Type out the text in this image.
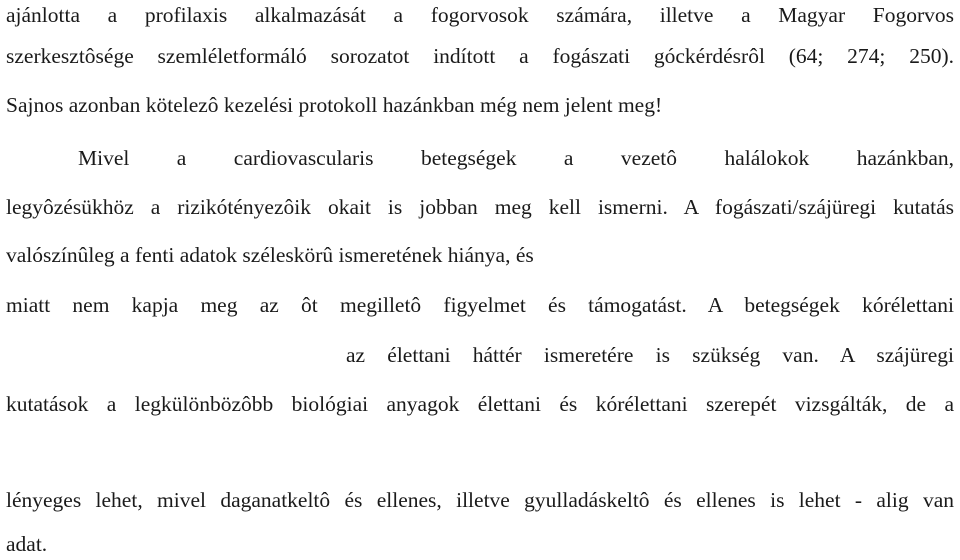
ajánlotta a profilaxis alkalmazását a fogorvosok számára, illetve a Magyar Fogorvos
szerkesztôsége szemléletformáló sorozatot indított a fogászati góckérdésrôl (64; 274; 250).
Sajnos azonban kötelezô kezelési protokoll hazánkban még nem jelent meg!
Mivel a cardiovascularis betegségek a vezetô halálokok hazánkban,
legyôzésükhöz a rizikótényezôik okait is jobban meg kell ismerni. A fogászati/szájüregi kutatás
valószínûleg a fenti adatok széleskörû ismeretének hiánya, és
miatt nem kapja meg az ôt megilletô figyelmet és támogatást. A betegségek kórélettani
az élettani háttér ismeretére is szükség van. A szájüregi
kutatások a legkülönbözôbb biológiai anyagok élettani és kórélettani szerepét vizsgálták, de a
lényeges lehet, mivel daganatkeltô és ellenes, illetve gyulladáskeltô és ellenes is lehet - alig van
adat.
